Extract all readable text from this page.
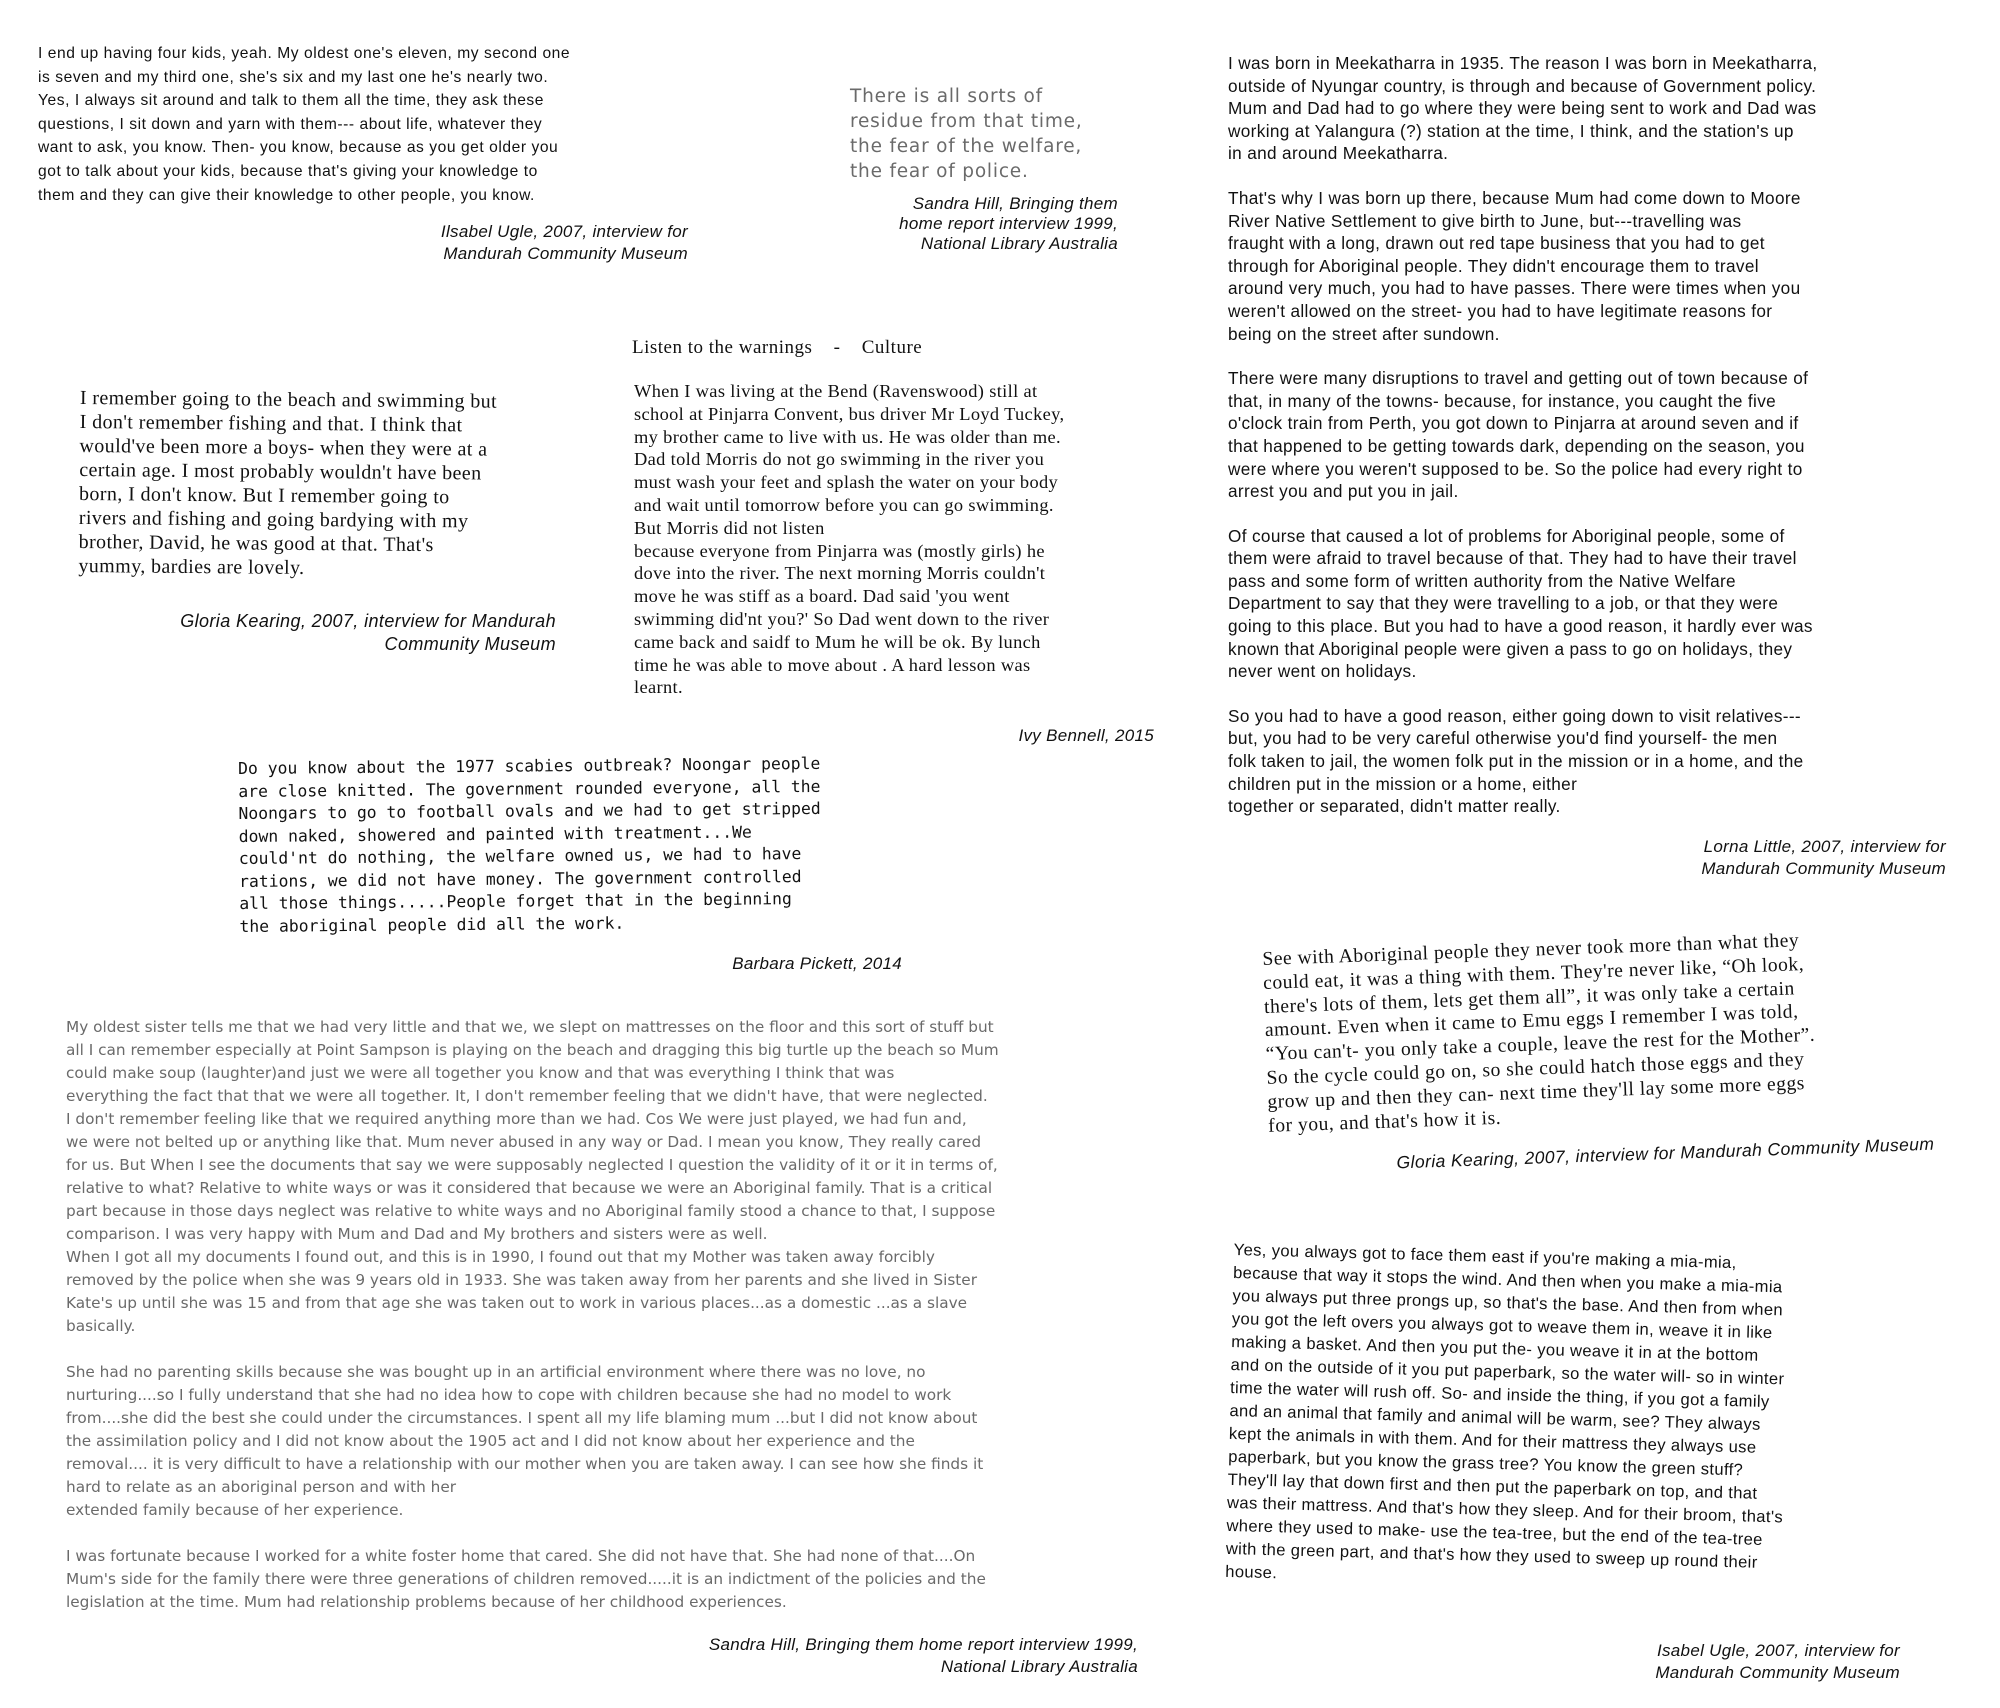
I end up having four kids, yeah. My oldest one's eleven, my second one
is seven and my third one, she's six and my last one he's nearly two.
Yes, I always sit around and talk to them all the time, they ask these
questions, I sit down and yarn with them--- about life, whatever they
want to ask, you know. Then- you know, because as you get older you
got to talk about your kids, because that's giving your knowledge to
them and they can give their knowledge to other people, you know.

Ilsabel Ugle, 2007, interview for
Mandurah Community Museum

There is all sorts of
residue from that time,
the fear of the welfare,
the fear of police.

Sandra Hill, Bringing them
home report interview 1999,
National Library Australia

I was born in Meekatharra in 1935. The reason I was born in Meekatharra,
outside of Nyungar country, is through and because of Government policy.
Mum and Dad had to go where they were being sent to work and Dad was
working at Yalangura (?) station at the time, I think, and the station's up
in and around Meekatharra.

That's why I was born up there, because Mum had come down to Moore
River Native Settlement to give birth to June, but---travelling was
fraught with a long, drawn out red tape business that you had to get
through for Aboriginal people. They didn't encourage them to travel
around very much, you had to have passes. There were times when you
weren't allowed on the street- you had to have legitimate reasons for
being on the street after sundown.

There were many disruptions to travel and getting out of town because of
that, in many of the towns- because, for instance, you caught the five
o'clock train from Perth, you got down to Pinjarra at around seven and if
that happened to be getting towards dark, depending on the season, you
were where you weren't supposed to be. So the police had every right to
arrest you and put you in jail.

Of course that caused a lot of problems for Aboriginal people, some of
them were afraid to travel because of that. They had to have their travel
pass and some form of written authority from the Native Welfare
Department to say that they were travelling to a job, or that they were
going to this place. But you had to have a good reason, it hardly ever was
known that Aboriginal people were given a pass to go on holidays, they
never went on holidays.

So you had to have a good reason, either going down to visit relatives---
but, you had to be very careful otherwise you'd find yourself- the men
folk taken to jail, the women folk put in the mission or in a home, and the
children put in the mission or a home, either
together or separated, didn't matter really.

Lorna Little, 2007, interview for
Mandurah Community Museum

Listen to the warnings - Culture

When I was living at the Bend (Ravenswood) still at
school at Pinjarra Convent, bus driver Mr Loyd Tuckey,
my brother came to live with us. He was older than me.
Dad told Morris do not go swimming in the river you
must wash your feet and splash the water on your body
and wait until tomorrow before you can go swimming.
But Morris did not listen
because everyone from Pinjarra was (mostly girls) he
dove into the river. The next morning Morris couldn't
move he was stiff as a board. Dad said 'you went
swimming did'nt you?' So Dad went down to the river
came back and saidf to Mum he will be ok. By lunch
time he was able to move about . A hard lesson was
learnt.

Ivy Bennell, 2015

I remember going to the beach and swimming but
I don't remember fishing and that. I think that
would've been more a boys- when they were at a
certain age. I most probably wouldn't have been
born, I don't know. But I remember going to
rivers and fishing and going bardying with my
brother, David, he was good at that. That's
yummy, bardies are lovely.

Gloria Kearing, 2007, interview for Mandurah
Community Museum

Do you know about the 1977 scabies outbreak? Noongar people
are close knitted. The government rounded everyone, all the
Noongars to go to football ovals and we had to get stripped
down naked, showered and painted with treatment...We
could'nt do nothing, the welfare owned us, we had to have
rations, we did not have money. The government controlled
all those things.....People forget that in the beginning
the aboriginal people did all the work.

Barbara Pickett, 2014	See with Aboriginal people they never took more than what they
could eat, it was a thing with them. They're never like, “Oh look,
there's lots of them, lets get them all”, it was only take a certain
amount. Even when it came to Emu eggs I remember I was told,
“You can't- you only take a couple, leave the rest for the Mother”.
So the cycle could go on, so she could hatch those eggs and they
grow up and then they can- next time they'll lay some more eggs
for you, and that's how it is.

Gloria Kearing, 2007, interview for Mandurah Community Museum

My oldest sister tells me that we had very little and that we, we slept on mattresses on the floor and this sort of stuff but
all I can remember especially at Point Sampson is playing on the beach and dragging this big turtle up the beach so Mum
could make soup (laughter)and just we were all together you know and that was everything I think that was
everything the fact that that we were all together. It, I don't remember feeling that we didn't have, that were neglected.
I don't remember feeling like that we required anything more than we had. Cos We were just played, we had fun and,
we were not belted up or anything like that. Mum never abused in any way or Dad. I mean you know, They really cared
for us. But When I see the documents that say we were supposably neglected I question the validity of it or it in terms of,
relative to what? Relative to white ways or was it considered that because we were an Aboriginal family. That is a critical
part because in those days neglect was relative to white ways and no Aboriginal family stood a chance to that, I suppose
comparison. I was very happy with Mum and Dad and My brothers and sisters were as well.
When I got all my documents I found out, and this is in 1990, I found out that my Mother was taken away forcibly
removed by the police when she was 9 years old in 1933. She was taken away from her parents and she lived in Sister
Kate's up until she was 15 and from that age she was taken out to work in various places...as a domestic ...as a slave
basically.

She had no parenting skills because she was bought up in an artificial environment where there was no love, no
nurturing....so I fully understand that she had no idea how to cope with children because she had no model to work
from....she did the best she could under the circumstances. I spent all my life blaming mum ...but I did not know about
the assimilation policy and I did not know about the 1905 act and I did not know about her experience and the
removal.... it is very difficult to have a relationship with our mother when you are taken away. I can see how she finds it
hard to relate as an aboriginal person and with her
extended family because of her experience.

I was fortunate because I worked for a white foster home that cared. She did not have that. She had none of that....On
Mum's side for the family there were three generations of children removed.....it is an indictment of the policies and the
legislation at the time. Mum had relationship problems because of her childhood experiences.

Sandra Hill, Bringing them home report interview 1999,
National Library Australia

Yes, you always got to face them east if you're making a mia-mia,
because that way it stops the wind. And then when you make a mia-mia
you always put three prongs up, so that's the base. And then from when
you got the left overs you always got to weave them in, weave it in like
making a basket. And then you put the- you weave it in at the bottom
and on the outside of it you put paperbark, so the water will- so in winter
time the water will rush off. So- and inside the thing, if you got a family
and an animal that family and animal will be warm, see? They always
kept the animals in with them. And for their mattress they always use
paperbark, but you know the grass tree? You know the green stuff?
They'll lay that down first and then put the paperbark on top, and that
was their mattress. And that's how they sleep. And for their broom, that's
where they used to make- use the tea-tree, but the end of the tea-tree
with the green part, and that's how they used to sweep up round their
house.

Isabel Ugle, 2007, interview for
Mandurah Community Museum
